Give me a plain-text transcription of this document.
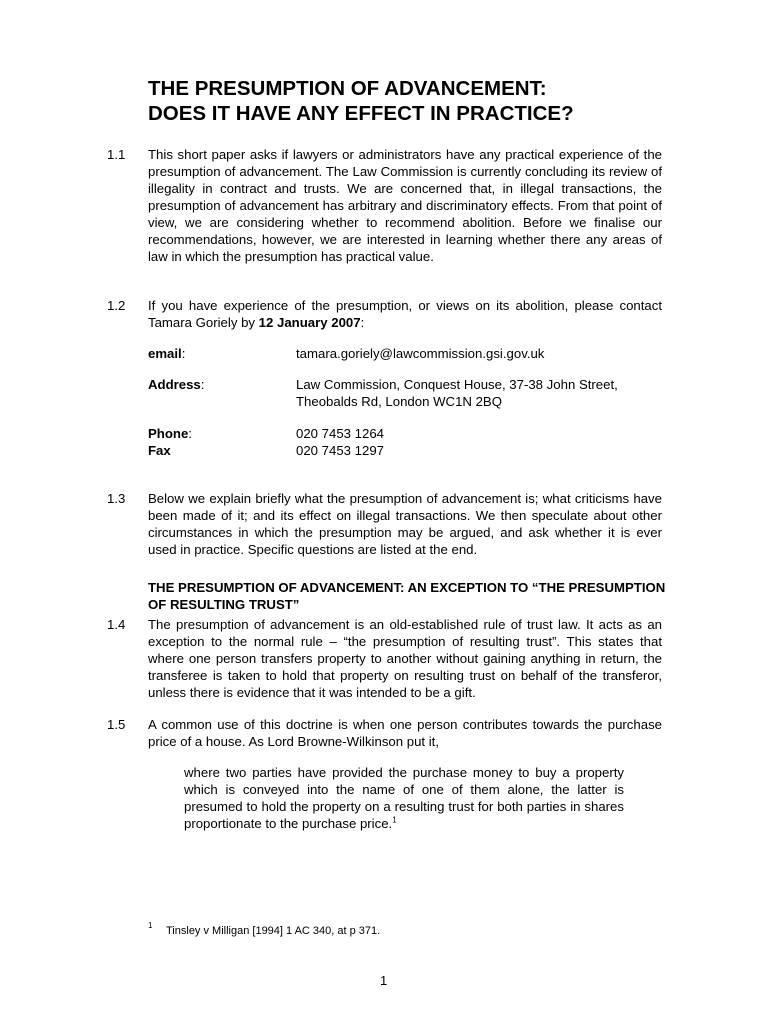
THE PRESUMPTION OF ADVANCEMENT:
DOES IT HAVE ANY EFFECT IN PRACTICE?
1.1 This short paper asks if lawyers or administrators have any practical experience of the presumption of advancement. The Law Commission is currently concluding its review of illegality in contract and trusts. We are concerned that, in illegal transactions, the presumption of advancement has arbitrary and discriminatory effects. From that point of view, we are considering whether to recommend abolition. Before we finalise our recommendations, however, we are interested in learning whether there any areas of law in which the presumption has practical value.

1.2 If you have experience of the presumption, or views on its abolition, please contact Tamara Goriely by 12 January 2007:

email:	tamara.goriely@lawcommission.gsi.gov.uk
Address:	Law Commission, Conquest House, 37-38 John Street,
Theobalds Rd, London WC1N 2BQ
Phone:	020 7453 1264
Fax	020 7453 1297
1.3 Below we explain briefly what the presumption of advancement is; what criticisms have been made of it; and its effect on illegal transactions. We then speculate about other circumstances in which the presumption may be argued, and ask whether it is ever used in practice. Specific questions are listed at the end.

THE PRESUMPTION OF ADVANCEMENT: AN EXCEPTION TO “THE PRESUMPTION OF RESULTING TRUST”
1.4 The presumption of advancement is an old-established rule of trust law. It acts as an exception to the normal rule – “the presumption of resulting trust”. This states that where one person transfers property to another without gaining anything in return, the transferee is taken to hold that property on resulting trust on behalf of the transferor, unless there is evidence that it was intended to be a gift.

1.5 A common use of this doctrine is when one person contributes towards the purchase price of a house. As Lord Browne-Wilkinson put it,

where two parties have provided the purchase money to buy a property which is conveyed into the name of one of them alone, the latter is presumed to hold the property on a resulting trust for both parties in shares proportionate to the purchase price.$^1$

1 Tinsley v Milligan [1994] 1 AC 340, at p 371.
1
